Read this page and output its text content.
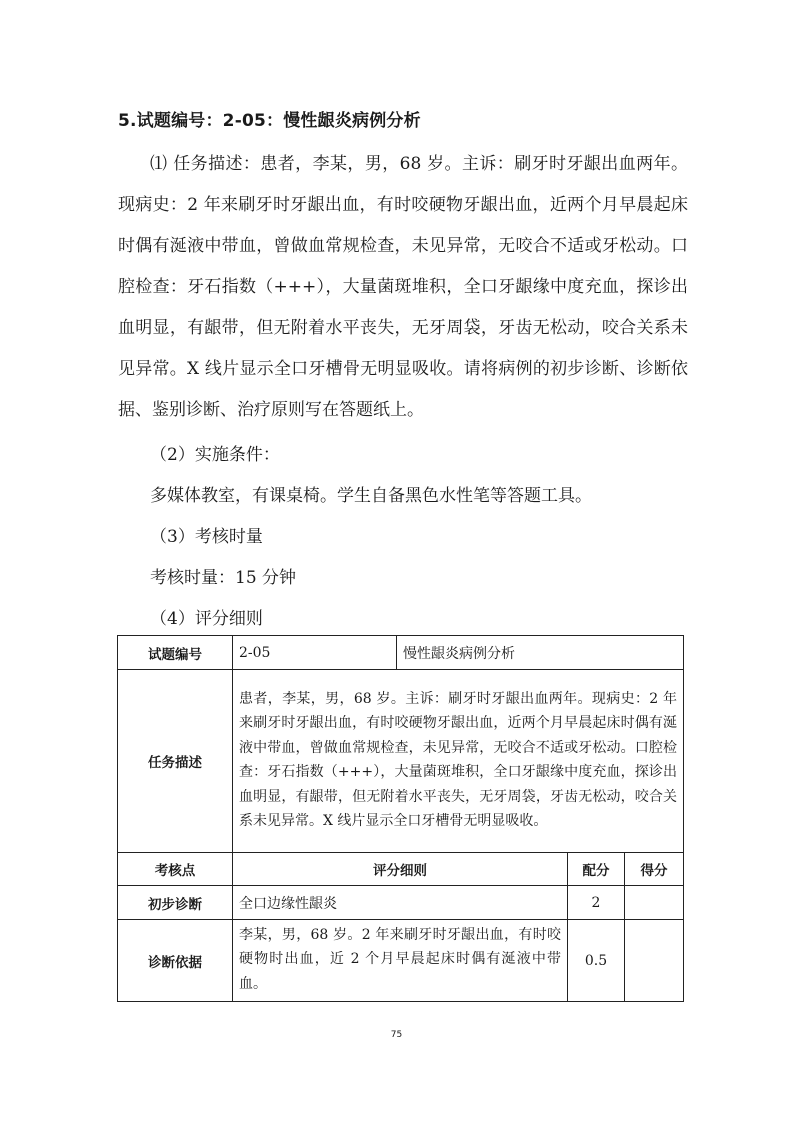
5.试题编号：2-05：慢性龈炎病例分析
⑴ 任务描述：患者，李某，男，68 岁。主诉：刷牙时牙龈出血两年。现病史：2 年来刷牙时牙龈出血，有时咬硬物牙龈出血，近两个月早晨起床时偶有涎液中带血，曾做血常规检查，未见异常，无咬合不适或牙松动。口腔检查：牙石指数（+++），大量菌斑堆积，全口牙龈缘中度充血，探诊出血明显，有龈带，但无附着水平丧失，无牙周袋，牙齿无松动，咬合关系未见异常。X 线片显示全口牙槽骨无明显吸收。请将病例的初步诊断、诊断依据、鉴别诊断、治疗原则写在答题纸上。
（2）实施条件：
多媒体教室，有课桌椅。学生自备黑色水性笔等答题工具。
（3）考核时量
考核时量：15 分钟
（4）评分细则
试题编号	2-05	慢性龈炎病例分析		
任务描述	患者，李某，男，68 岁。主诉：刷牙时牙龈出血两年。现病史：2 年来刷牙时牙龈出血，有时咬硬物牙龈出血，近两个月早晨起床时偶有涎液中带血，曾做血常规检查，未见异常，无咬合不适或牙松动。口腔检查：牙石指数（+++），大量菌斑堆积，全口牙龈缘中度充血，探诊出血明显，有龈带，但无附着水平丧失，无牙周袋，牙齿无松动，咬合关系未见异常。X 线片显示全口牙槽骨无明显吸收。			
考核点	评分细则		配分	得分
初步诊断	全口边缘性龈炎		2	
诊断依据	李某，男，68 岁。2 年来刷牙时牙龈出血，有时咬硬物时出血，近 2 个月早晨起床时偶有涎液中带血。		0.5	
75
